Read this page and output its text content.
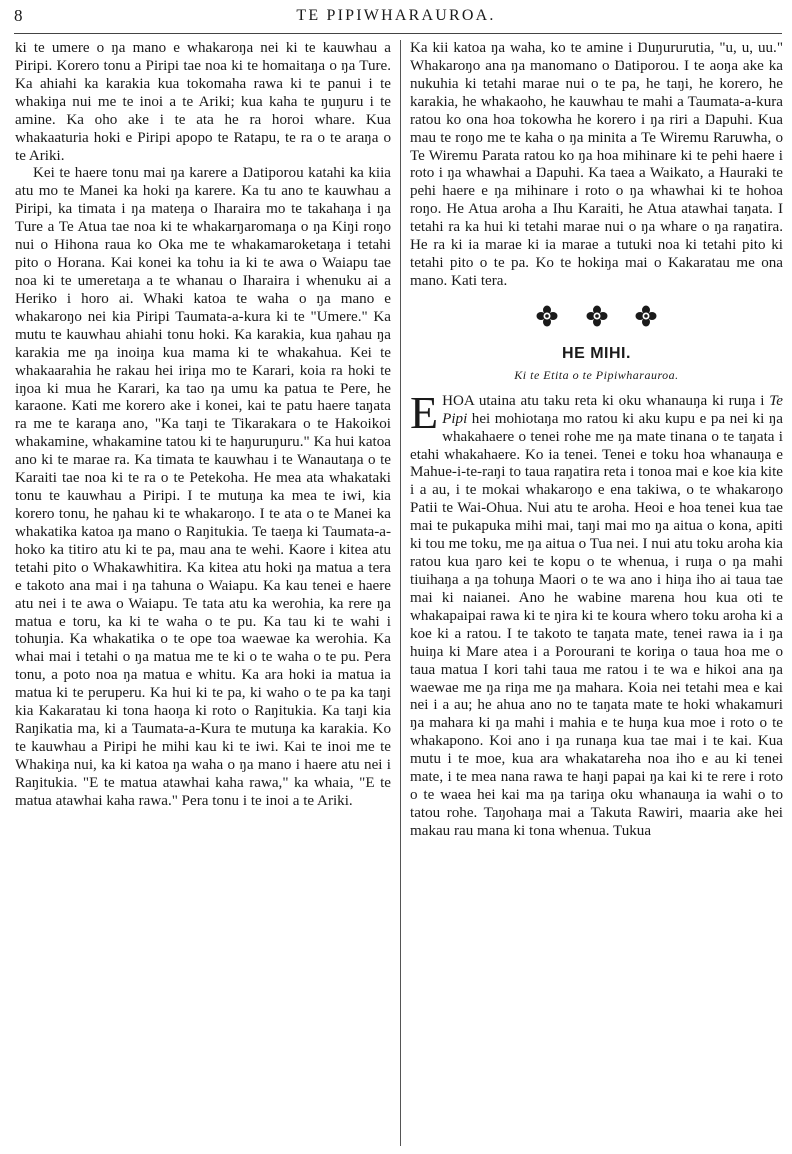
8	TE PIPIWHARAUROA.

ki te umere o ŋa mano e whakaroŋa nei ki te kauwhau a Piripi. Korero tonu a Piripi tae noa ki te homaitaŋa o ŋa Ture. Ka ahiahi ka karakia kua tokomaha rawa ki te panui i te whakiŋa nui me te inoi a te Ariki; kua kaha te ŋuŋuru i te amine. Ka oho ake i te ata he ra horoi whare. Kua whakaaturia hoki e Piripi apopo te Ratapu, te ra o te araŋa o te Ariki.

Kei te haere tonu mai ŋa karere a Ŋatiporou katahi ka kiia atu mo te Manei ka hoki ŋa karere. Ka tu ano te kauwhau a Piripi, ka timata i ŋa mateŋa o Iharaira mo te takahaŋa i ŋa Ture a Te Atua tae noa ki te whakarŋaromaŋa o ŋa Kiŋi roŋo nui o Hihona raua ko Oka me te whakamaroketaŋa i tetahi pito o Horana. Kai konei ka tohu ia ki te awa o Waiapu tae noa ki te umeretaŋa a te whanau o Iharaira i whenuku ai a Heriko i horo ai. Whaki katoa te waha o ŋa mano e whakaroŋo nei kia Piripi Taumata-a-kura ki te "Umere." Ka mutu te kauwhau ahiahi tonu hoki. Ka karakia, kua ŋahau ŋa karakia me ŋa inoiŋa kua mama ki te whakahua. Kei te whakaarahia he rakau hei iriŋa mo te Karari, koia ra hoki te iŋoa ki mua he Karari, ka tao ŋa umu ka patua te Pere, he karaone. Kati me korero ake i konei, kai te patu haere taŋata ra me te karaŋa ano, "Ka taŋi te Tikarakara o te Hakoikoi whakamine, whakamine tatou ki te haŋuruŋuru." Ka hui katoa ano ki te marae ra. Ka timata te kauwhau i te Wanautaŋa o te Karaiti tae noa ki te ra o te Petekoha. He mea ata whakataki tonu te kauwhau a Piripi. I te mutuŋa ka mea te iwi, kia korero tonu, he ŋahau ki te whakaroŋo. I te ata o te Manei ka whakatika katoa ŋa mano o Raŋitukia. Te taeŋa ki Taumata-a-hoko ka titiro atu ki te pa, mau ana te wehi. Kaore i kitea atu tetahi pito o Whakawhitira. Ka kitea atu hoki ŋa matua a tera e takoto ana mai i ŋa tahuna o Waiapu. Ka kau tenei e haere atu nei i te awa o Waiapu. Te tata atu ka werohia, ka rere ŋa matua e toru, ka ki te waha o te pu. Ka tau ki te wahi i tohuŋia. Ka whakatika o te ope toa waewae ka werohia. Ka whai mai i tetahi o ŋa matua me te ki o te waha o te pu. Pera tonu, a poto noa ŋa matua e whitu. Ka ara hoki ia matua ia matua ki te peruperu. Ka hui ki te pa, ki waho o te pa ka taŋi kia Kakaratau ki tona haoŋa ki roto o Raŋitukia. Ka taŋi kia Raŋikatia ma, ki a Taumata-a-Kura te mutuŋa ka karakia. Ko te kauwhau a Piripi he mihi kau ki te iwi. Kai te inoi me te Whakiŋa nui, ka ki katoa ŋa waha o ŋa mano i haere atu nei i Raŋitukia. "E te matua atawhai kaha rawa," ka whaia, "E te matua atawhai kaha rawa." Pera tonu i te inoi a te Ariki.

Ka kii katoa ŋa waha, ko te amine i Ŋuŋururutia, "u, u, uu." Whakaroŋo ana ŋa manomano o Ŋatiporou. I te aoŋa ake ka nukuhia ki tetahi marae nui o te pa, he taŋi, he korero, he karakia, he whakaoho, he kauwhau te mahi a Taumata-a-kura ratou ko ona hoa tokowha he korero i ŋa riri a Ŋapuhi. Kua mau te roŋo me te kaha o ŋa minita a Te Wiremu Raruwha, o Te Wiremu Parata ratou ko ŋa hoa mihinare ki te pehi haere i roto i ŋa whawhai a Ŋapuhi. Ka taea a Waikato, a Hauraki te pehi haere e ŋa mihinare i roto o ŋa whawhai ki te hohoa roŋo. He Atua aroha a Ihu Karaiti, he Atua atawhai taŋata. I tetahi ra ka hui ki tetahi marae nui o ŋa whare o ŋa raŋatira. He ra ki ia marae ki ia marae a tutuki noa ki tetahi pito ki tetahi pito o te pa. Ko te hokiŋa mai o Kakaratau me ona mano. Kati tera.

HE MIHI.
Ki te Etita o te Pipiwharauroa.

EHOA utaina atu taku reta ki oku whanauŋa ki ruŋa i Te Pipi hei mohiotaŋa mo ratou ki aku kupu e pa nei ki ŋa whakahaere o tenei rohe me ŋa mate tinana o te taŋata i etahi whakahaere. Ko ia tenei. Tenei e toku hoa whanauŋa e Mahue-i-te-raŋi to taua raŋatira reta i tonoa mai e koe kia kite i a au, i te mokai whakaroŋo e ena takiwa, o te whakaroŋo Patii te Wai-Ohua. Nui atu te aroha. Heoi e hoa tenei kua tae mai te pukapuka mihi mai, taŋi mai mo ŋa aitua o kona, apiti ki tou me toku, me ŋa aitua o Tua nei. I nui atu toku aroha kia ratou kua ŋaro kei te kopu o te whenua, i ruŋa o ŋa mahi tiuihaŋa a ŋa tohuŋa Maori o te wa ano i hiŋa iho ai taua tae mai ki naianei. Ano he wabine marena hou kua oti te whakapaipai rawa ki te ŋira ki te koura whero toku aroha ki a koe ki a ratou. I te takoto te taŋata mate, tenei rawa ia i ŋa huiŋa ki Mare atea i a Porourani te koriŋa o taua hoa me o taua matua I kori tahi taua me ratou i te wa e hikoi ana ŋa waewae me ŋa riŋa me ŋa mahara. Koia nei tetahi mea e kai nei i a au; he ahua ano no te taŋata mate te hoki whakamuri ŋa mahara ki ŋa mahi i mahia e te huŋa kua moe i roto o te whakapono. Koi ano i ŋa runaŋa kua tae mai i te kai. Kua mutu i te moe, kua ara whakatareha noa iho e au ki tenei mate, i te mea nana rawa te haŋi papai ŋa kai ki te rere i roto o te waea hei kai ma ŋa tariŋa oku whanauŋa ia wahi o to tatou rohe. Taŋohaŋa mai a Takuta Rawiri, maaria ake hei makau rau mana ki tona whenua. Tukua
